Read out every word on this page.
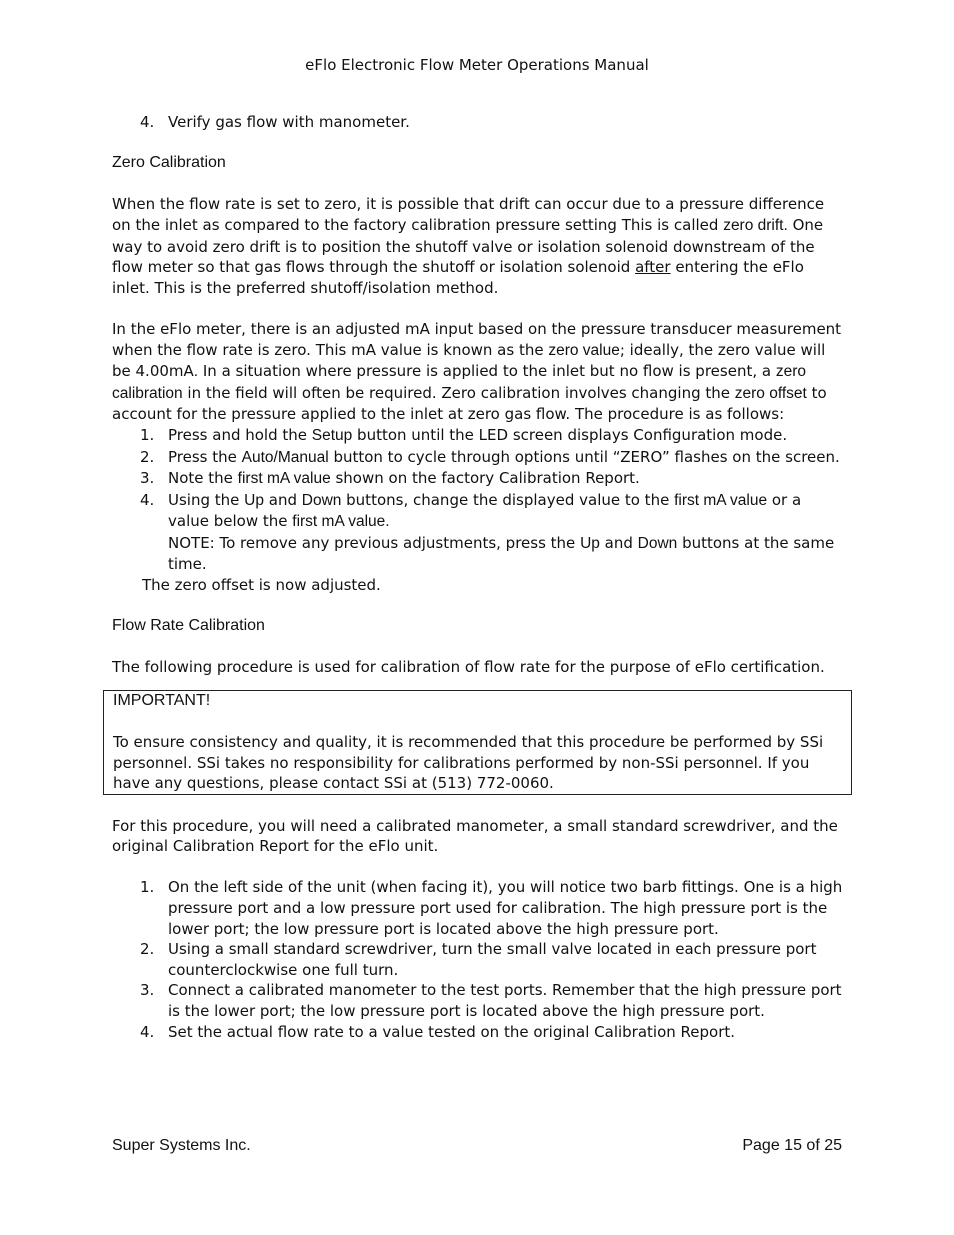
eFlo Electronic Flow Meter Operations Manual
4. Verify gas flow with manometer.

Zero Calibration

When the flow rate is set to zero, it is possible that drift can occur due to a pressure difference on the inlet as compared to the factory calibration pressure setting This is called zero drift. One way to avoid zero drift is to position the shutoff valve or isolation solenoid downstream of the flow meter so that gas flows through the shutoff or isolation solenoid after entering the eFlo inlet. This is the preferred shutoff/isolation method.

In the eFlo meter, there is an adjusted mA input based on the pressure transducer measurement when the flow rate is zero. This mA value is known as the zero value; ideally, the zero value will be 4.00mA. In a situation where pressure is applied to the inlet but no flow is present, a zero calibration in the field will often be required. Zero calibration involves changing the zero offset to account for the pressure applied to the inlet at zero gas flow. The procedure is as follows:

1. Press and hold the Setup button until the LED screen displays Configuration mode.
2. Press the Auto/Manual button to cycle through options until “ZERO” flashes on the screen.
3. Note the first mA value shown on the factory Calibration Report.
4. Using the Up and Down buttons, change the displayed value to the first mA value or a value below the first mA value.
NOTE: To remove any previous adjustments, press the Up and Down buttons at the same time.

The zero offset is now adjusted.

Flow Rate Calibration

The following procedure is used for calibration of flow rate for the purpose of eFlo certification.

IMPORTANT!

To ensure consistency and quality, it is recommended that this procedure be performed by SSi personnel. SSi takes no responsibility for calibrations performed by non-SSi personnel. If you have any questions, please contact SSi at (513) 772-0060.

For this procedure, you will need a calibrated manometer, a small standard screwdriver, and the original Calibration Report for the eFlo unit.

1. On the left side of the unit (when facing it), you will notice two barb fittings. One is a high pressure port and a low pressure port used for calibration. The high pressure port is the lower port; the low pressure port is located above the high pressure port.
2. Using a small standard screwdriver, turn the small valve located in each pressure port counterclockwise one full turn.
3. Connect a calibrated manometer to the test ports. Remember that the high pressure port is the lower port; the low pressure port is located above the high pressure port.
4. Set the actual flow rate to a value tested on the original Calibration Report.
Super Systems Inc.	Page 15 of 25
